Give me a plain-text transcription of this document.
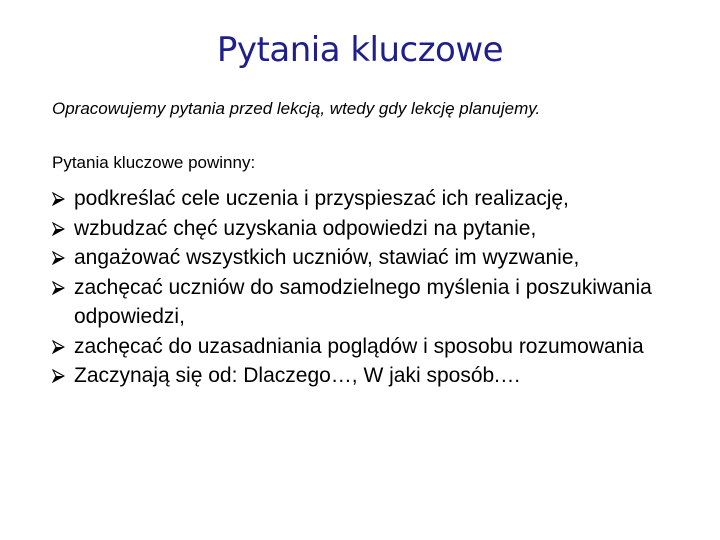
Pytania kluczowe
Opracowujemy pytania przed lekcją, wtedy gdy lekcję planujemy.
Pytania kluczowe powinny:
podkreślać cele uczenia i przyspieszać ich realizację,
wzbudzać chęć uzyskania odpowiedzi na pytanie,
angażować wszystkich uczniów, stawiać im wyzwanie,
zachęcać uczniów do samodzielnego myślenia i poszukiwania odpowiedzi,
zachęcać do uzasadniania poglądów i sposobu rozumowania
Zaczynają się od: Dlaczego…, W jaki sposób.…
